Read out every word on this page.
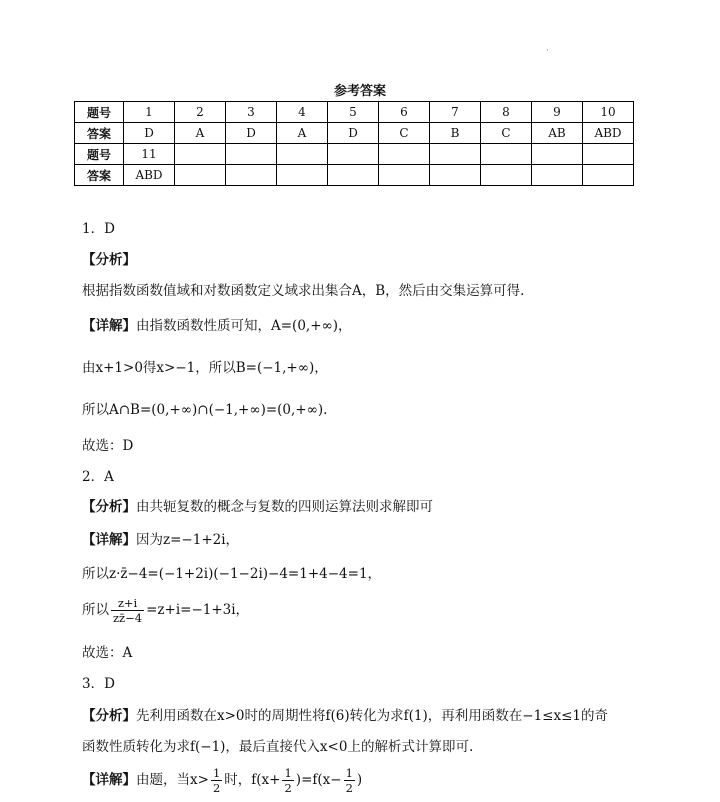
·
参考答案
题号	1	2	3	4	5	6	7	8	9	10
答案	D	A	D	A	D	C	B	C	AB	ABD
题号	11									
答案	ABD									
1．D
【分析】
根据指数函数值域和对数函数定义域求出集合A，B，然后由交集运算可得.
【详解】由指数函数性质可知，A=(0,+∞)，
由x+1>0得x>−1，所以B=(−1,+∞)，
所以A∩B=(0,+∞)∩(−1,+∞)=(0,+∞).
故选：D
2．A
【分析】由共轭复数的概念与复数的四则运算法则求解即可
【详解】因为z=−1+2i，
所以z·z̄−4=(−1+2i)(−1−2i)−4=1+4−4=1，
所以 $\frac{z+i}{zz̄-4} =z+i=-1+3i$，
故选：A
3．D
【分析】先利用函数在x>0时的周期性将f(6)转化为求f(1)，再利用函数在−1≤x≤1的奇
函数性质转化为求f(−1)，最后直接代入x<0上的解析式计算即可.
【详解】由题，当$x> \frac{1}{2}$ 时，$f(x+ \frac{1}{2} )=f(x- \frac{1}{2}$ )
